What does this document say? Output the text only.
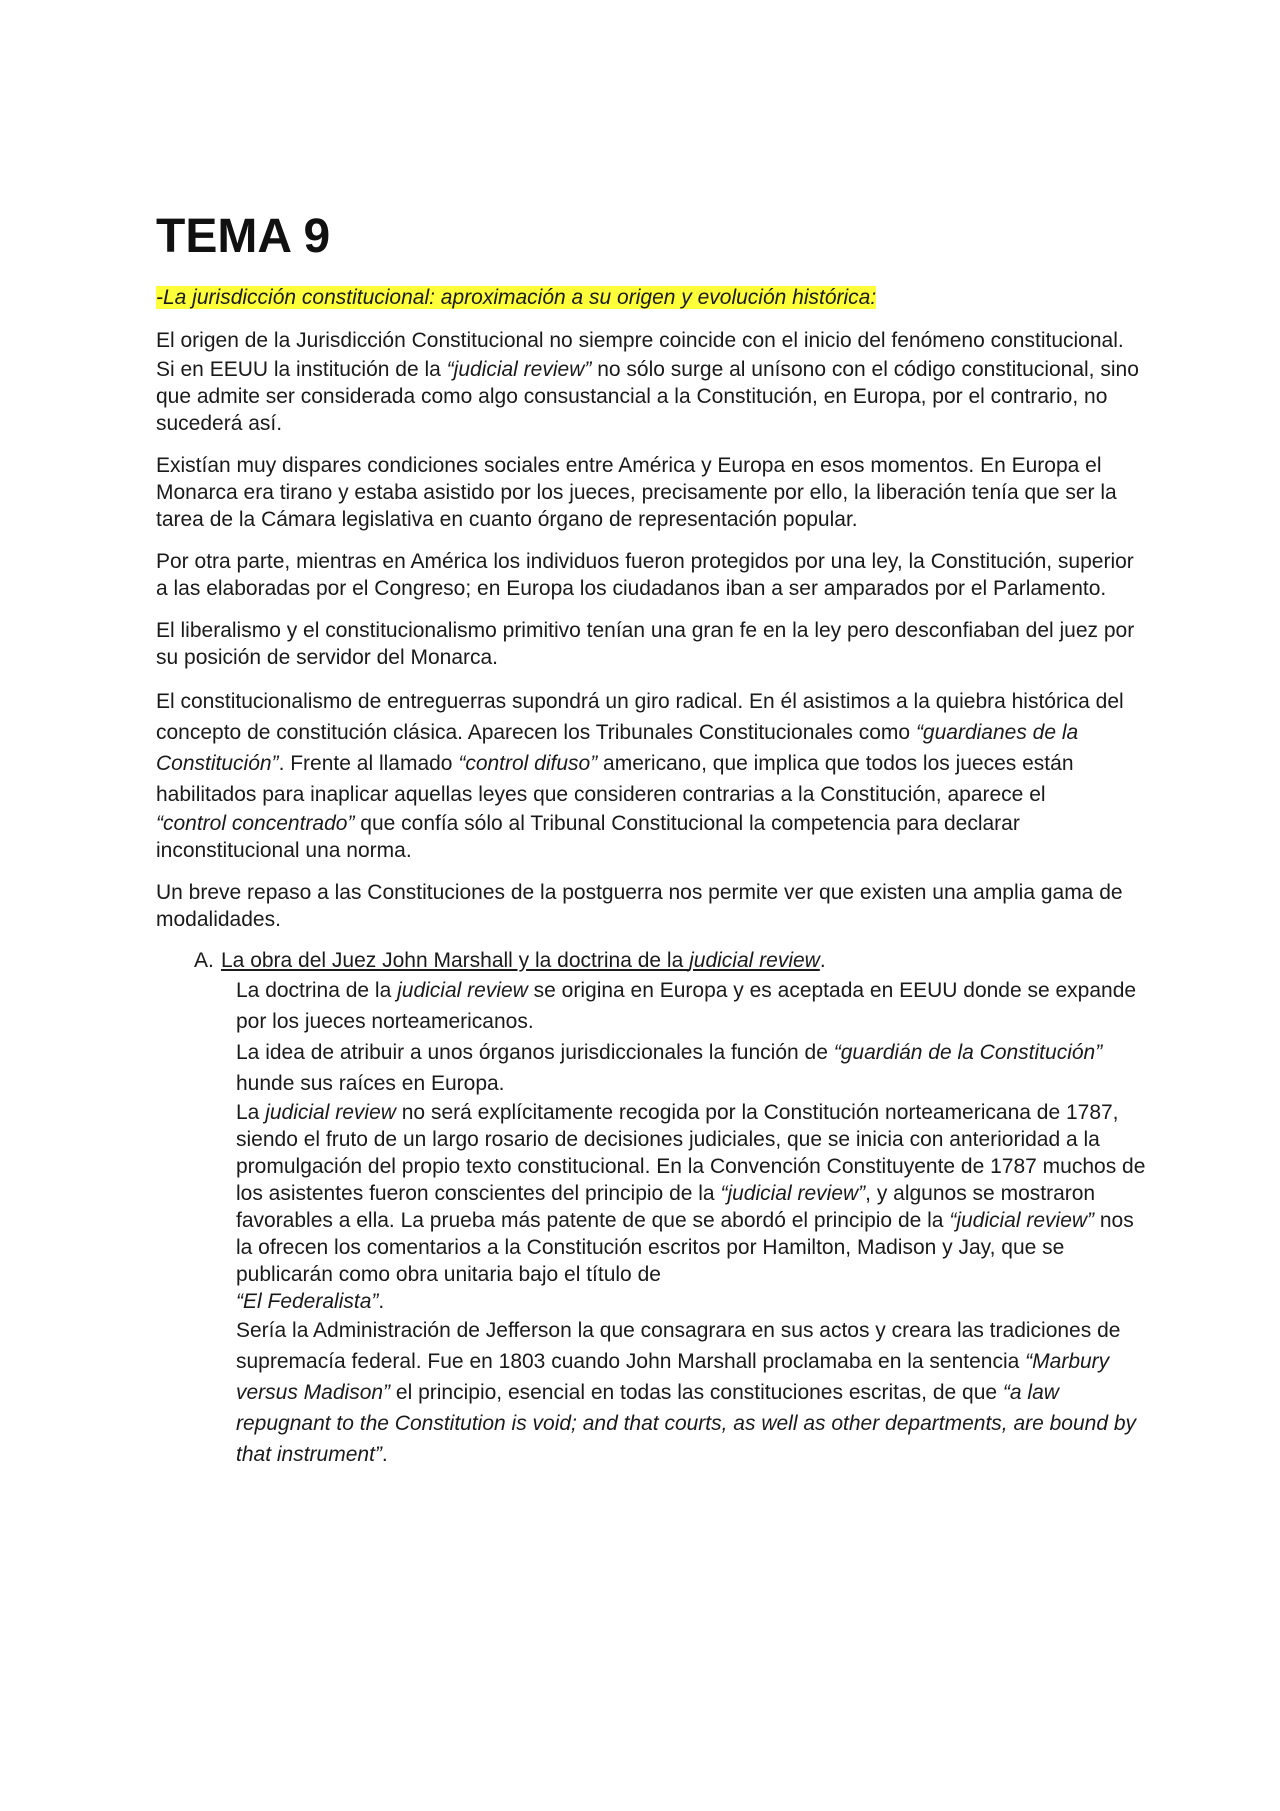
TEMA 9
-La jurisdicción constitucional: aproximación a su origen y evolución histórica:

El origen de la Jurisdicción Constitucional no siempre coincide con el inicio del fenómeno constitucional.

Si en EEUU la institución de la “judicial review” no sólo surge al unísono con el código constitucional, sino que admite ser considerada como algo consustancial a la Constitución, en Europa, por el contrario, no sucederá así.

Existían muy dispares condiciones sociales entre América y Europa en esos momentos. En Europa el Monarca era tirano y estaba asistido por los jueces, precisamente por ello, la liberación tenía que ser la tarea de la Cámara legislativa en cuanto órgano de representación popular.

Por otra parte, mientras en América los individuos fueron protegidos por una ley, la Constitución, superior a las elaboradas por el Congreso; en Europa los ciudadanos iban a ser amparados por el Parlamento.

El liberalismo y el constitucionalismo primitivo tenían una gran fe en la ley pero desconfiaban del juez por su posición de servidor del Monarca.

El constitucionalismo de entreguerras supondrá un giro radical. En él asistimos a la quiebra histórica del concepto de constitución clásica. Aparecen los Tribunales Constitucionales como “guardianes de la Constitución”. Frente al llamado “control difuso” americano, que implica que todos los jueces están habilitados para inaplicar aquellas leyes que consideren contrarias a la Constitución, aparece el

“control concentrado” que confía sólo al Tribunal Constitucional la competencia para declarar inconstitucional una norma.

Un breve repaso a las Constituciones de la postguerra nos permite ver que existen una amplia gama de modalidades.

A. La obra del Juez John Marshall y la doctrina de la judicial review.

La doctrina de la judicial review se origina en Europa y es aceptada en EEUU donde se expande por los jueces norteamericanos.

La idea de atribuir a unos órganos jurisdiccionales la función de “guardián de la Constitución” hunde sus raíces en Europa.

La judicial review no será explícitamente recogida por la Constitución norteamericana de 1787, siendo el fruto de un largo rosario de decisiones judiciales, que se inicia con anterioridad a la promulgación del propio texto constitucional. En la Convención Constituyente de 1787 muchos de los asistentes fueron conscientes del principio de la “judicial review”, y algunos se mostraron favorables a ella. La prueba más patente de que se abordó el principio de la “judicial review” nos la ofrecen los comentarios a la Constitución escritos por Hamilton, Madison y Jay, que se publicarán como obra unitaria bajo el título de

“El Federalista”.

Sería la Administración de Jefferson la que consagrara en sus actos y creara las tradiciones de supremacía federal. Fue en 1803 cuando John Marshall proclamaba en la sentencia “Marbury versus Madison” el principio, esencial en todas las constituciones escritas, de que “a law repugnant to the Constitution is void; and that courts, as well as other departments, are bound by that instrument”.
